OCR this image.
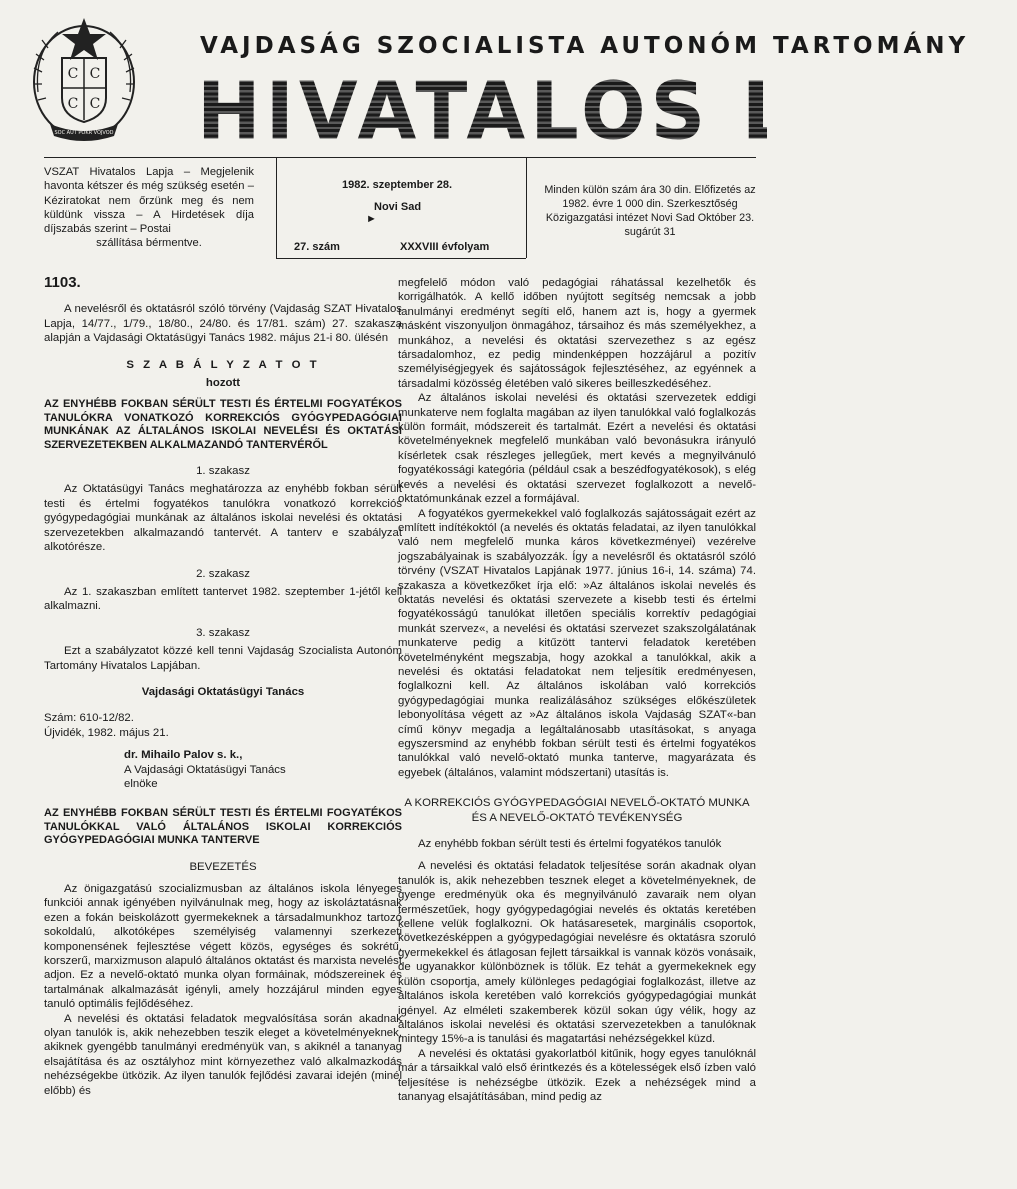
C C
C C
SOC AUT POKR VOJVOD
VAJDASÁG SZOCIALISTA AUTONÓM TARTOMÁNY
HIVATALOS LAPJA
VSZAT Hivatalos Lapja – Megjelenik havonta kétszer és még szükség esetén – Kéziratokat nem őrzünk meg és nem küldünk vissza – A Hirdetések díja díjszabás szerint – Postai
szállítása bérmentve.
1982. szeptember 28.
Novi Sad
►
27. szám	XXXVIII évfolyam
Minden külön szám ára 30 din. Előfizetés az 1982. évre 1 000 din. Szerkesztőség Közigazgatási intézet Novi Sad Október 23. sugárút 31

1103.

A nevelésről és oktatásról szóló törvény (Vajdaság SZAT Hivatalos Lapja, 14/77., 1/79., 18/80., 24/80. és 17/81. szám) 27. szakasza alapján a Vajdasági Oktatásügyi Tanács 1982. május 21-i 80. ülésén

S Z A B Á L Y Z A T O T

hozott

AZ ENYHÉBB FOKBAN SÉRÜLT TESTI ÉS ÉRTELMI FOGYATÉKOS TANULÓKRA VONATKOZÓ KORREKCIÓS GYÓGYPEDAGÓGIAI MUNKÁNAK AZ ÁLTALÁNOS ISKOLAI NEVELÉSI ÉS OKTATÁSI SZERVEZETEKBEN ALKALMAZANDÓ TANTERVÉRŐL

1. szakasz

Az Oktatásügyi Tanács meghatározza az enyhébb fokban sérült testi és értelmi fogyatékos tanulókra vonatkozó korrekciós gyógypedagógiai munkának az általános iskolai nevelési és oktatási szervezetekben alkalmazandó tantervét. A tanterv e szabályzat alkotórésze.

2. szakasz

Az 1. szakaszban említett tantervet 1982. szeptember 1-jétől kell alkalmazni.

3. szakasz

Ezt a szabályzatot közzé kell tenni Vajdaság Szocialista Autonóm Tartomány Hivatalos Lapjában.

Vajdasági Oktatásügyi Tanács

Szám: 610-12/82.

Újvidék, 1982. május 21.

dr. Mihailo Palov s. k.,

A Vajdasági Oktatásügyi Tanács

elnöke

AZ ENYHÉBB FOKBAN SÉRÜLT TESTI ÉS ÉRTELMI FOGYATÉKOS TANULÓKKAL VALÓ ÁLTALÁNOS ISKOLAI KORREKCIÓS GYÓGYPEDAGÓGIAI MUNKA TANTERVE

BEVEZETÉS

Az önigazgatású szocializmusban az általános iskola lényeges funkciói annak igényében nyilvánulnak meg, hogy az iskoláztatásnak ezen a fokán beiskolázott gyermekeknek a társadalmunkhoz tartozó sokoldalú, alkotóképes személyiség valamennyi szerkezeti komponensének fejlesztése végett közös, egységes és sokrétű, korszerű, marxizmuson alapuló általános oktatást és marxista nevelést adjon. Ez a nevelő-oktató munka olyan formáinak, módszereinek és tartalmának alkalmazását igényli, amely hozzájárul minden egyes tanuló optimális fejlődéséhez.

A nevelési és oktatási feladatok megvalósítása során akadnak olyan tanulók is, akik nehezebben teszik eleget a követelményeknek, akiknek gyengébb tanulmányi eredményük van, s akiknél a tananyag elsajátítása és az osztályhoz mint környezethez való alkalmazkodás nehézségekbe ütközik. Az ilyen tanulók fejlődési zavarai idején (minél előbb) és

megfelelő módon való pedagógiai ráhatással kezelhetők és korrigálhatók. A kellő időben nyújtott segítség nemcsak a jobb tanulmányi eredményt segíti elő, hanem azt is, hogy a gyermek másként viszonyuljon önmagához, társaihoz és más személyekhez, a munkához, a nevelési és oktatási szervezethez s az egész társadalomhoz, ez pedig mindenképpen hozzájárul a pozitív személyiségjegyek és sajátosságok fejlesztéséhez, az egyénnek a társadalmi közösség életében való sikeres beilleszkedéséhez.

Az általános iskolai nevelési és oktatási szervezetek eddigi munkaterve nem foglalta magában az ilyen tanulókkal való foglalkozás külön formáit, módszereit és tartalmát. Ezért a nevelési és oktatási követelményeknek megfelelő munkában való bevonásukra irányuló kísérletek csak részleges jellegűek, mert kevés a megnyilvánuló fogyatékossági kategória (például csak a beszédfogyatékosok), s elég kevés a nevelési és oktatási szervezet foglalkozott a nevelő-oktatómunkának ezzel a formájával.

A fogyatékos gyermekekkel való foglalkozás sajátosságait ezért az említett indítékoktól (a nevelés és oktatás feladatai, az ilyen tanulókkal való nem megfelelő munka káros következményei) vezérelve jogszabályainak is szabályozzák. Így a nevelésről és oktatásról szóló törvény (VSZAT Hivatalos Lapjának 1977. június 16-i, 14. száma) 74. szakasza a következőket írja elő: »Az általános iskolai nevelés és oktatás nevelési és oktatási szervezete a kisebb testi és értelmi fogyatékosságú tanulókat illetően speciális korrektív pedagógiai munkát szervez«, a nevelési és oktatási szervezet szakszolgálatának munkaterve pedig a kitűzött tantervi feladatok keretében követelményként megszabja, hogy azokkal a tanulókkal, akik a nevelési és oktatási feladatokat nem teljesítik eredményesen, foglalkozni kell. Az általános iskolában való korrekciós gyógypedagógiai munka realizálásához szükséges előkészületek lebonyolítása végett az »Az általános iskola Vajdaság SZAT«-ban című könyv megadja a legáltalánosabb utasításokat, s anyaga egyszersmind az enyhébb fokban sérült testi és értelmi fogyatékos tanulókkal való nevelő-oktató munka tanterve, magyarázata és egyebek (általános, valamint módszertani) utasítás is.

A KORREKCIÓS GYÓGYPEDAGÓGIAI NEVELŐ-OKTATÓ MUNKA ÉS A NEVELŐ-OKTATÓ TEVÉKENYSÉG

Az enyhébb fokban sérült testi és értelmi fogyatékos tanulók

A nevelési és oktatási feladatok teljesítése során akadnak olyan tanulók is, akik nehezebben tesznek eleget a követelményeknek, de gyenge eredményük oka és megnyilvánuló zavaraik nem olyan természetűek, hogy gyógypedagógiai nevelés és oktatás keretében kellene velük foglalkozni. Ok hatásaresetek, marginális csoportok, következésképpen a gyógypedagógiai nevelésre és oktatásra szoruló gyermekekkel és átlagosan fejlett társaikkal is vannak közös vonásaik, de ugyanakkor különböznek is tőlük. Ez tehát a gyermekeknek egy külön csoportja, amely különleges pedagógiai foglalkozást, illetve az általános iskola keretében való korrekciós gyógypedagógiai munkát igényel. Az elméleti szakemberek közül sokan úgy vélik, hogy az általános iskolai nevelési és oktatási szervezetekben a tanulóknak mintegy 15%-a is tanulási és magatartási nehézségekkel küzd.

A nevelési és oktatási gyakorlatból kitűnik, hogy egyes tanulóknál már a társaikkal való első érintkezés és a kötelességek első ízben való teljesítése is nehézségbe ütközik. Ezek a nehézségek mind a tananyag elsajátításában, mind pedig az
